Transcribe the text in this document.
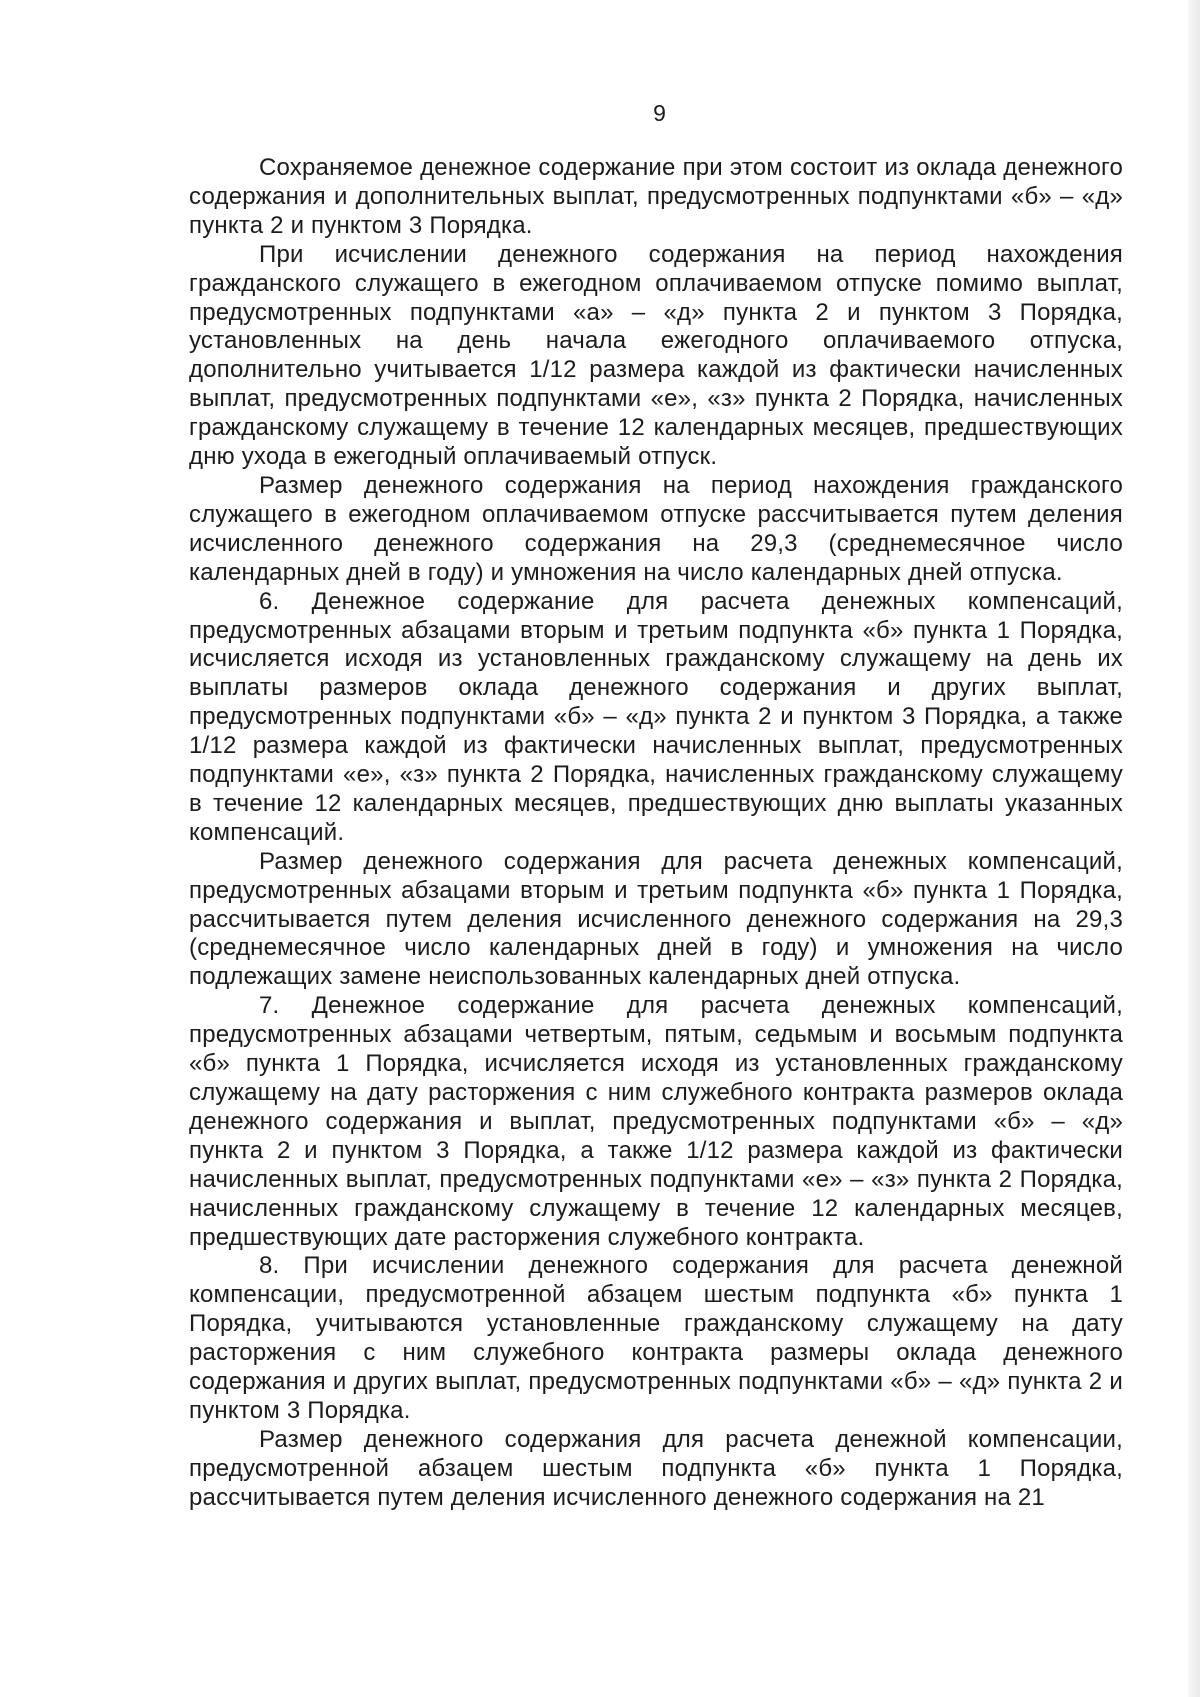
9

Сохраняемое денежное содержание при этом состоит из оклада денежного содержания и дополнительных выплат, предусмотренных подпунктами «б» – «д» пункта 2 и пунктом 3 Порядка.

При исчислении денежного содержания на период нахождения гражданского служащего в ежегодном оплачиваемом отпуске помимо выплат, предусмотренных подпунктами «а» – «д» пункта 2 и пунктом 3 Порядка, установленных на день начала ежегодного оплачиваемого отпуска, дополнительно учитывается 1/12 размера каждой из фактически начисленных выплат, предусмотренных подпунктами «е», «з» пункта 2 Порядка, начисленных гражданскому служащему в течение 12 календарных месяцев, предшествующих дню ухода в ежегодный оплачиваемый отпуск.

Размер денежного содержания на период нахождения гражданского служащего в ежегодном оплачиваемом отпуске рассчитывается путем деления исчисленного денежного содержания на 29,3 (среднемесячное число календарных дней в году) и умножения на число календарных дней отпуска.

6. Денежное содержание для расчета денежных компенсаций, предусмотренных абзацами вторым и третьим подпункта «б» пункта 1 Порядка, исчисляется исходя из установленных гражданскому служащему на день их выплаты размеров оклада денежного содержания и других выплат, предусмотренных подпунктами «б» – «д» пункта 2 и пунктом 3 Порядка, а также 1/12 размера каждой из фактически начисленных выплат, предусмотренных подпунктами «е», «з» пункта 2 Порядка, начисленных гражданскому служащему в течение 12 календарных месяцев, предшествующих дню выплаты указанных компенсаций.

Размер денежного содержания для расчета денежных компенсаций, предусмотренных абзацами вторым и третьим подпункта «б» пункта 1 Порядка, рассчитывается путем деления исчисленного денежного содержания на 29,3 (среднемесячное число календарных дней в году) и умножения на число подлежащих замене неиспользованных календарных дней отпуска.

7. Денежное содержание для расчета денежных компенсаций, предусмотренных абзацами четвертым, пятым, седьмым и восьмым подпункта «б» пункта 1 Порядка, исчисляется исходя из установленных гражданскому служащему на дату расторжения с ним служебного контракта размеров оклада денежного содержания и выплат, предусмотренных подпунктами «б» – «д» пункта 2 и пунктом 3 Порядка, а также 1/12 размера каждой из фактически начисленных выплат, предусмотренных подпунктами «е» – «з» пункта 2 Порядка, начисленных гражданскому служащему в течение 12 календарных месяцев, предшествующих дате расторжения служебного контракта.

8. При исчислении денежного содержания для расчета денежной компенсации, предусмотренной абзацем шестым подпункта «б» пункта 1 Порядка, учитываются установленные гражданскому служащему на дату расторжения с ним служебного контракта размеры оклада денежного содержания и других выплат, предусмотренных подпунктами «б» – «д» пункта 2 и пунктом 3 Порядка.

Размер денежного содержания для расчета денежной компенсации, предусмотренной абзацем шестым подпункта «б» пункта 1 Порядка, рассчитывается путем деления исчисленного денежного содержания на 21
